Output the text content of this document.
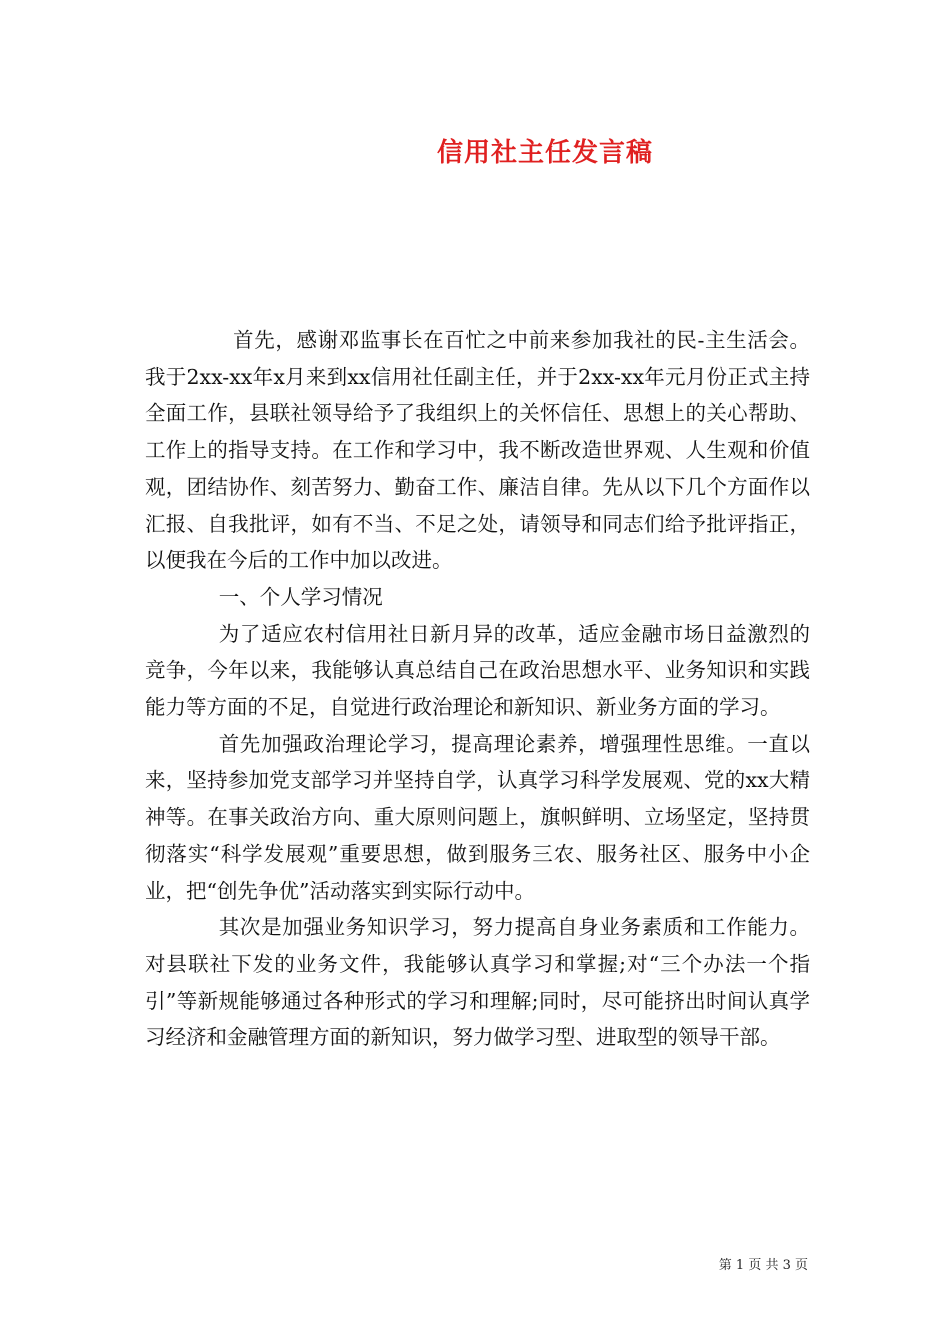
信用社主任发言稿

首先，感谢邓监事长在百忙之中前来参加我社的民-主生活会。我于2xx-xx年x月来到xx信用社任副主任，并于2xx-xx年元月份正式主持全面工作，县联社领导给予了我组织上的关怀信任、思想上的关心帮助、工作上的指导支持。在工作和学习中，我不断改造世界观、人生观和价值观，团结协作、刻苦努力、勤奋工作、廉洁自律。先从以下几个方面作以汇报、自我批评，如有不当、不足之处，请领导和同志们给予批评指正，以便我在今后的工作中加以改进。

一、个人学习情况

为了适应农村信用社日新月异的改革，适应金融市场日益激烈的竞争，今年以来，我能够认真总结自己在政治思想水平、业务知识和实践能力等方面的不足，自觉进行政治理论和新知识、新业务方面的学习。

首先加强政治理论学习，提高理论素养，增强理性思维。一直以来，坚持参加党支部学习并坚持自学，认真学习科学发展观、党的xx大精神等。在事关政治方向、重大原则问题上，旗帜鲜明、立场坚定，坚持贯彻落实“科学发展观”重要思想，做到服务三农、服务社区、服务中小企业，把“创先争优”活动落实到实际行动中。

其次是加强业务知识学习，努力提高自身业务素质和工作能力。对县联社下发的业务文件，我能够认真学习和掌握;对“三个办法一个指引”等新规能够通过各种形式的学习和理解;同时，尽可能挤出时间认真学习经济和金融管理方面的新知识，努力做学习型、进取型的领导干部。

第 1 页 共 3 页
